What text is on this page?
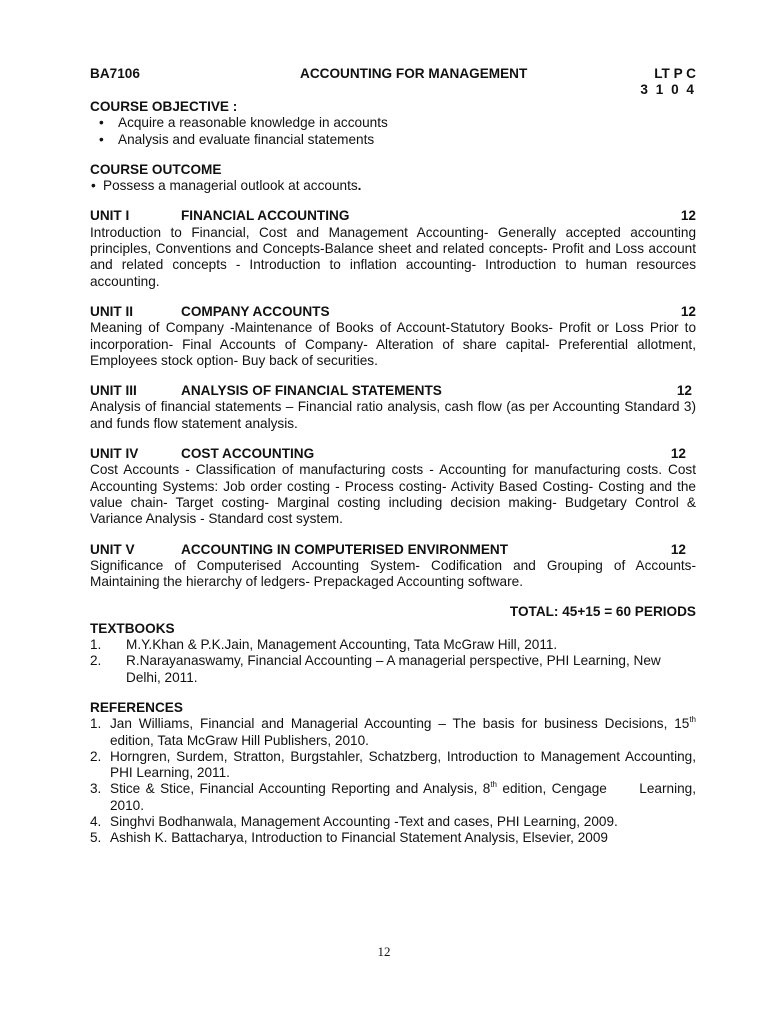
BA7106	ACCOUNTING FOR MANAGEMENT	LT P C
3 1 0 4
COURSE OBJECTIVE :
• Acquire a reasonable knowledge in accounts
• Analysis and evaluate financial statements
COURSE OUTCOME
• Possess a managerial outlook at accounts.
UNIT I	FINANCIAL ACCOUNTING	12
Introduction to Financial, Cost and Management Accounting- Generally accepted accounting principles, Conventions and Concepts-Balance sheet and related concepts- Profit and Loss account and related concepts - Introduction to inflation accounting- Introduction to human resources accounting.
UNIT II	COMPANY ACCOUNTS	12
Meaning of Company -Maintenance of Books of Account-Statutory Books- Profit or Loss Prior to incorporation- Final Accounts of Company- Alteration of share capital- Preferential allotment, Employees stock option- Buy back of securities.
UNIT III	ANALYSIS OF FINANCIAL STATEMENTS	12
Analysis of financial statements – Financial ratio analysis, cash flow (as per Accounting Standard 3) and funds flow statement analysis.
UNIT IV	COST ACCOUNTING	12
Cost Accounts - Classification of manufacturing costs - Accounting for manufacturing costs. Cost Accounting Systems: Job order costing - Process costing- Activity Based Costing- Costing and the value chain- Target costing- Marginal costing including decision making- Budgetary Control & Variance Analysis - Standard cost system.
UNIT V	ACCOUNTING IN COMPUTERISED ENVIRONMENT	12
Significance of Computerised Accounting System- Codification and Grouping of Accounts- Maintaining the hierarchy of ledgers- Prepackaged Accounting software.
TOTAL: 45+15 = 60 PERIODS
TEXTBOOKS
1. M.Y.Khan & P.K.Jain, Management Accounting, Tata McGraw Hill, 2011.
2. R.Narayanaswamy, Financial Accounting – A managerial perspective, PHI Learning, New Delhi, 2011.
REFERENCES
1. Jan Williams, Financial and Managerial Accounting – The basis for business Decisions, 15th edition, Tata McGraw Hill Publishers, 2010.
2. Horngren, Surdem, Stratton, Burgstahler, Schatzberg, Introduction to Management Accounting, PHI Learning, 2011.
3. Stice & Stice, Financial Accounting Reporting and Analysis, 8th edition, Cengage      Learning, 2010.
4. Singhvi Bodhanwala, Management Accounting -Text and cases, PHI Learning, 2009.
5. Ashish K. Battacharya, Introduction to Financial Statement Analysis, Elsevier, 2009
12
